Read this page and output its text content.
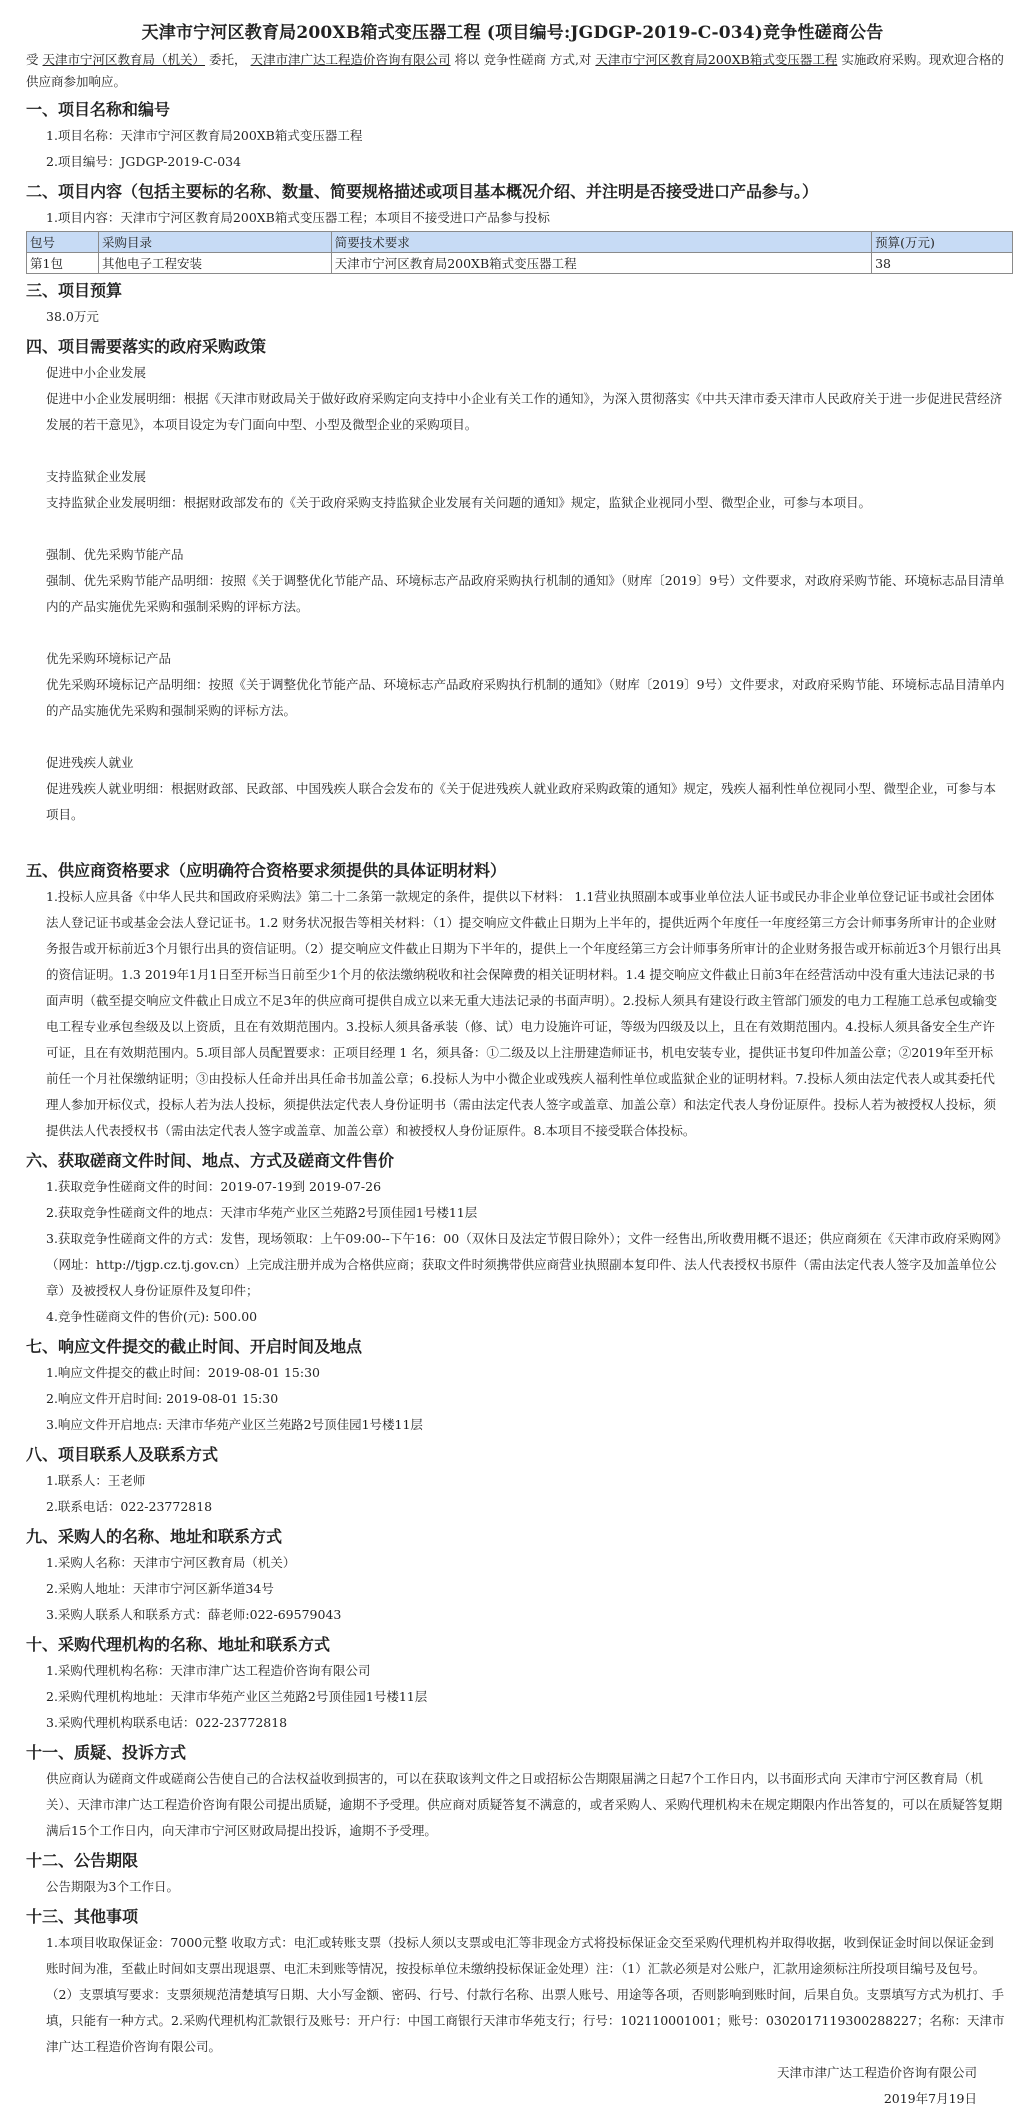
天津市宁河区教育局200XB箱式变压器工程 (项目编号:JGDGP-2019-C-034)竞争性磋商公告
受 天津市宁河区教育局（机关） 委托， 天津市津广达工程造价咨询有限公司 将以 竞争性磋商 方式,对 天津市宁河区教育局200XB箱式变压器工程 实施政府采购。现欢迎合格的供应商参加响应。
一、项目名称和编号
1.项目名称：天津市宁河区教育局200XB箱式变压器工程
2.项目编号：JGDGP-2019-C-034
二、项目内容（包括主要标的名称、数量、简要规格描述或项目基本概况介绍、并注明是否接受进口产品参与。）
1.项目内容：天津市宁河区教育局200XB箱式变压器工程；本项目不接受进口产品参与投标
包号	采购目录	简要技术要求	预算(万元)
第1包	其他电子工程安装	天津市宁河区教育局200XB箱式变压器工程	38
三、项目预算
38.0万元
四、项目需要落实的政府采购政策
促进中小企业发展
促进中小企业发展明细：根据《天津市财政局关于做好政府采购定向支持中小企业有关工作的通知》，为深入贯彻落实《中共天津市委天津市人民政府关于进一步促进民营经济发展的若干意见》，本项目设定为专门面向中型、小型及微型企业的采购项目。
支持监狱企业发展
支持监狱企业发展明细：根据财政部发布的《关于政府采购支持监狱企业发展有关问题的通知》规定，监狱企业视同小型、微型企业，可参与本项目。
强制、优先采购节能产品
强制、优先采购节能产品明细：按照《关于调整优化节能产品、环境标志产品政府采购执行机制的通知》（财库〔2019〕9号）文件要求，对政府采购节能、环境标志品目清单内的产品实施优先采购和强制采购的评标方法。
优先采购环境标记产品
优先采购环境标记产品明细：按照《关于调整优化节能产品、环境标志产品政府采购执行机制的通知》（财库〔2019〕9号）文件要求，对政府采购节能、环境标志品目清单内的产品实施优先采购和强制采购的评标方法。
促进残疾人就业
促进残疾人就业明细：根据财政部、民政部、中国残疾人联合会发布的《关于促进残疾人就业政府采购政策的通知》规定，残疾人福利性单位视同小型、微型企业，可参与本项目。
五、供应商资格要求（应明确符合资格要求须提供的具体证明材料）
1.投标人应具备《中华人民共和国政府采购法》第二十二条第一款规定的条件，提供以下材料： 1.1营业执照副本或事业单位法人证书或民办非企业单位登记证书或社会团体法人登记证书或基金会法人登记证书。1.2 财务状况报告等相关材料：（1）提交响应文件截止日期为上半年的，提供近两个年度任一年度经第三方会计师事务所审计的企业财务报告或开标前近3个月银行出具的资信证明。（2）提交响应文件截止日期为下半年的，提供上一个年度经第三方会计师事务所审计的企业财务报告或开标前近3个月银行出具的资信证明。1.3 2019年1月1日至开标当日前至少1个月的依法缴纳税收和社会保障费的相关证明材料。1.4 提交响应文件截止日前3年在经营活动中没有重大违法记录的书面声明（截至提交响应文件截止日成立不足3年的供应商可提供自成立以来无重大违法记录的书面声明）。2.投标人须具有建设行政主管部门颁发的电力工程施工总承包或输变电工程专业承包叁级及以上资质，且在有效期范围内。3.投标人须具备承装（修、试）电力设施许可证，等级为四级及以上，且在有效期范围内。4.投标人须具备安全生产许可证，且在有效期范围内。5.项目部人员配置要求：正项目经理 1 名，须具备：①二级及以上注册建造师证书，机电安装专业，提供证书复印件加盖公章；②2019年至开标前任一个月社保缴纳证明；③由投标人任命并出具任命书加盖公章；6.投标人为中小微企业或残疾人福利性单位或监狱企业的证明材料。7.投标人须由法定代表人或其委托代理人参加开标仪式，投标人若为法人投标，须提供法定代表人身份证明书（需由法定代表人签字或盖章、加盖公章）和法定代表人身份证原件。投标人若为被授权人投标，须提供法人代表授权书（需由法定代表人签字或盖章、加盖公章）和被授权人身份证原件。8.本项目不接受联合体投标。
六、获取磋商文件时间、地点、方式及磋商文件售价
1.获取竞争性磋商文件的时间：2019-07-19到 2019-07-26
2.获取竞争性磋商文件的地点：天津市华苑产业区兰苑路2号顶佳园1号楼11层
3.获取竞争性磋商文件的方式：发售，现场领取：上午09:00--下午16：00（双休日及法定节假日除外）；文件一经售出,所收费用概不退还；供应商须在《天津市政府采购网》（网址：http://tjgp.cz.tj.gov.cn）上完成注册并成为合格供应商；获取文件时须携带供应商营业执照副本复印件、法人代表授权书原件（需由法定代表人签字及加盖单位公章）及被授权人身份证原件及复印件；
4.竞争性磋商文件的售价(元): 500.00
七、响应文件提交的截止时间、开启时间及地点
1.响应文件提交的截止时间：2019-08-01 15:30
2.响应文件开启时间: 2019-08-01 15:30
3.响应文件开启地点: 天津市华苑产业区兰苑路2号顶佳园1号楼11层
八、项目联系人及联系方式
1.联系人：王老师
2.联系电话：022-23772818
九、采购人的名称、地址和联系方式
1.采购人名称：天津市宁河区教育局（机关）
2.采购人地址：天津市宁河区新华道34号
3.采购人联系人和联系方式：薛老师:022-69579043
十、采购代理机构的名称、地址和联系方式
1.采购代理机构名称：天津市津广达工程造价咨询有限公司
2.采购代理机构地址：天津市华苑产业区兰苑路2号顶佳园1号楼11层
3.采购代理机构联系电话：022-23772818
十一、质疑、投诉方式
供应商认为磋商文件或磋商公告使自己的合法权益收到损害的，可以在获取该判文件之日或招标公告期限届满之日起7个工作日内，以书面形式向 天津市宁河区教育局（机关）、天津市津广达工程造价咨询有限公司提出质疑，逾期不予受理。供应商对质疑答复不满意的，或者采购人、采购代理机构未在规定期限内作出答复的，可以在质疑答复期满后15个工作日内，向天津市宁河区财政局提出投诉，逾期不予受理。
十二、公告期限
公告期限为3个工作日。
十三、其他事项
1.本项目收取保证金：7000元整 收取方式：电汇或转账支票（投标人须以支票或电汇等非现金方式将投标保证金交至采购代理机构并取得收据，收到保证金时间以保证金到账时间为准，至截止时间如支票出现退票、电汇未到账等情况，按投标单位未缴纳投标保证金处理）注：（1）汇款必须是对公账户，汇款用途须标注所投项目编号及包号。（2）支票填写要求：支票须规范清楚填写日期、大小写金额、密码、行号、付款行名称、出票人账号、用途等各项，否则影响到账时间，后果自负。支票填写方式为机打、手填，只能有一种方式。2.采购代理机构汇款银行及账号：开户行：中国工商银行天津市华苑支行；行号：102110001001；账号：0302017119300288227；名称：天津市津广达工程造价咨询有限公司。
天津市津广达工程造价咨询有限公司
2019年7月19日
